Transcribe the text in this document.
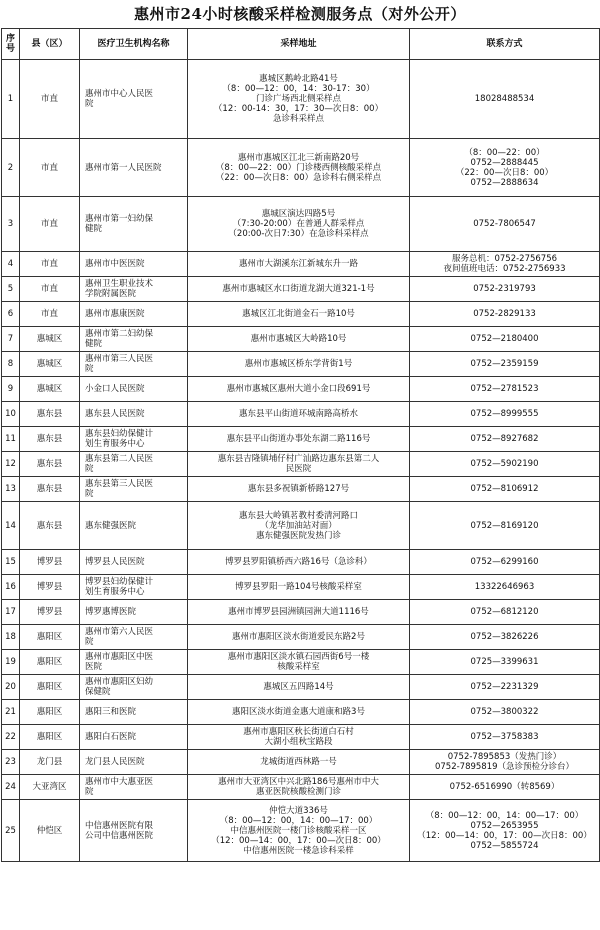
惠州市24小时核酸采样检测服务点（对外公开）
序
号	县（区）	医疗卫生机构名称	采样地址	联系方式
1	市直	惠州市中心人民医
院	惠城区鹅岭北路41号
（8：00—12：00，14：30-17：30）
门诊广场西北侧采样点
（12：00-14：30，17：30—次日8：00）
急诊科采样点	18028488534

2	市直	惠州市第一人民医院	惠州市惠城区江北三新南路20号
（8：00—22：00）门诊楼西侧核酸采样点
（22：00—次日8：00）急诊科右侧采样点	（8：00—22：00）
0752—2888445
（22：00—次日8：00）
0752—2888634

3	市直	惠州市第一妇幼保
健院	惠城区演达四路5号
（7:30-20:00）在普通人群采样点
（20:00-次日7:30）在急诊科采样点	0752-7806547

4	市直	惠州市中医医院	惠州市大湖溪东江新城东升一路	服务总机：0752-2756756
夜间值班电话：0752-2756933

5	市直	惠州卫生职业技术
学院附属医院	惠州市惠城区水口街道龙湖大道321-1号	0752-2319793

6	市直	惠州市惠康医院	惠城区江北街道金石一路10号	0752-2829133

7	惠城区	惠州市第二妇幼保
健院	惠州市惠城区大岭路10号	0752—2180400

8	惠城区	惠州市第三人民医
院	惠州市惠城区桥东学背街1号	0752—2359159

9	惠城区	小金口人民医院	惠州市惠城区惠州大道小金口段691号	0752—2781523

10	惠东县	惠东县人民医院	惠东县平山街道环城南路高桥水	0752—8999555

11	惠东县	惠东县妇幼保健计
划生育服务中心	惠东县平山街道办事处东湖二路116号	0752—8927682

12	惠东县	惠东县第二人民医
院	惠东县吉隆镇埔仔村广汕路边惠东县第二人
民医院	0752—5902190

13	惠东县	惠东县第三人民医
院	惠东县多祝镇新桥路127号	0752—8106912

14	惠东县	惠东健强医院	惠东县大岭镇茗教村委清河路口
（龙华加油站对面）
惠东健强医院发热门诊	0752—8169120

15	博罗县	博罗县人民医院	博罗县罗阳镇桥西六路16号（急诊科）	0752—6299160

16	博罗县	博罗县妇幼保健计
划生育服务中心	博罗县罗阳一路104号核酸采样室	13322646963

17	博罗县	博罗惠博医院	惠州市博罗县园洲镇园洲大道1116号	0752—6812120

18	惠阳区	惠州市第六人民医
院	惠州市惠阳区淡水街道爱民东路2号	0752—3826226

19	惠阳区	惠州市惠阳区中医
医院	惠州市惠阳区淡水镇石园西街6号一楼
核酸采样室	0725—3399631

20	惠阳区	惠州市惠阳区妇幼
保健院	惠城区五四路14号	0752—2231329

21	惠阳区	惠阳三和医院	惠阳区淡水街道金惠大道康和路3号	0752—3800322

22	惠阳区	惠阳白石医院	惠州市惠阳区秋长街道白石村
大湖小组秋宝路段	0752—3758383

23	龙门县	龙门县人民医院	龙城街道西林路一号	0752-7895853（发热门诊）
0752-7895819（急诊预检分诊台）

24	大亚湾区	惠州市中大惠亚医
院	惠州市大亚湾区中兴北路186号惠州市中大
惠亚医院核酸检测门诊	0752-6516990（转8569）

25	仲恺区	中信惠州医院有限
公司中信惠州医院	仲恺大道336号
（8：00—12：00，14：00—17：00）
中信惠州医院一楼门诊核酸采样一区
（12：00—14：00，17：00—次日8：00）
中信惠州医院一楼急诊科采样	（8：00—12：00，14：00—17：00）
0752—2653955
（12：00—14：00，17：00—次日8：00）
0752—5855724
